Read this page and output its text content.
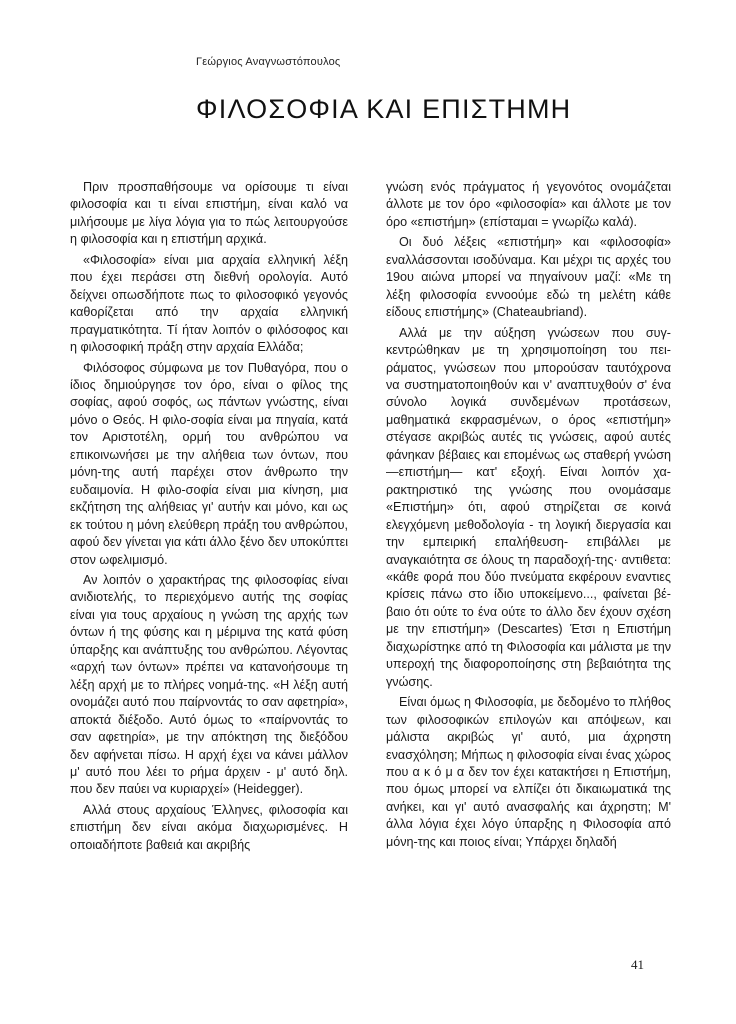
Γεώργιος Αναγνωστόπουλος
ΦΙΛΟΣΟΦΙΑ ΚΑΙ ΕΠΙΣΤΗΜΗ

Πριν προσπαθήσουμε να ορίσουμε τι είναι φιλοσοφία και τι είναι επιστήμη, είναι καλό να μιλήσουμε με λίγα λόγια για το πώς λειτουργούσε η φιλοσοφία και η επιστήμη αρχικά.

«Φιλοσοφία» είναι μια αρχαία ελληνική λέξη που έχει περάσει στη διεθνή ορολογία. Αυτό δείχνει οπωσδήποτε πως το φιλοσοφικό γεγονός καθορίζεται από την αρχαία ελληνική πραγματικότητα. Τί ήταν λοιπόν ο φιλόσοφος και η φιλοσοφική πράξη στην αρχαία Ελλάδα;

Φιλόσοφος σύμφωνα με τον Πυθαγόρα, που ο ίδιος δημιούργησε τον όρο, είναι ο φίλος της σοφίας, αφού σοφός, ως πάντων γνώστης, είναι μόνο ο Θεός. Η φιλο-σοφία είναι μα πηγαία, κατά τον Αριστοτέλη, ορμή του ανθρώπου να επικοινωνήσει με την αλήθεια των όντων, που μόνη-της αυτή παρέχει στον άνθρωπο την ευδαιμονία. Η φιλο-σοφία είναι μια κίνηση, μια εκζήτηση της αλήθειας γι' αυτήν και μόνο, και ως εκ τούτου η μόνη ελεύθερη πράξη του ανθρώπου, αφού δεν γίνεται για κάτι άλλο ξένο δεν υποκύπτει στον ωφελιμισμό.

Αν λοιπόν ο χαρακτήρας της φιλοσοφίας είναι ανιδιοτελής, το περιεχόμενο αυτής της σοφίας είναι για τους αρχαίους η γνώση της αρχής των όντων ή της φύσης και η μέριμνα της κατά φύση ύπαρξης και ανάπτυξης του ανθρώπου. Λέγοντας «αρχή των όντων» πρέπει να κατανοήσουμε τη λέξη αρχή με το πλήρες νοημά-της. «Η λέξη αυτή ονομάζει αυτό που παίρνοντάς το σαν αφετηρία», αποκτά διέξοδο. Αυτό όμως το «παίρνοντάς το σαν αφετηρία», με την απόκτηση της διεξόδου δεν αφήνεται πίσω. Η αρχή έχει να κάνει μάλλον μ' αυτό που λέει το ρήμα άρχειν - μ' αυτό δηλ. που δεν παύει να κυριαρχεί» (Heidegger).

Αλλά στους αρχαίους Έλληνες, φιλοσοφία και επιστήμη δεν είναι ακόμα διαχωρισμένες. Η οποιαδήποτε βαθειά και ακριβής

γνώση ενός πράγματος ή γεγονότος ονομάζεται άλλοτε με τον όρο «φιλοσοφία» και άλλοτε με τον όρο «επιστήμη» (επίσταμαι = γνωρίζω καλά).

Οι δυό λέξεις «επιστήμη» και «φιλοσοφία» εναλλάσσονται ισοδύναμα. Και μέχρι τις αρχές του 19ου αιώνα μπορεί να πηγαίνουν μαζί: «Με τη λέξη φιλοσοφία εννοούμε εδώ τη μελέτη κάθε είδους επιστήμης» (Chateaubriand).

Αλλά με την αύξηση γνώσεων που συγκεντρώθηκαν με τη χρησιμοποίηση του πειράματος, γνώσεων που μπορούσαν ταυτόχρονα να συστηματοποιηθούν και ν' αναπτυχθούν σ' ένα σύνολο λογικά συνδεμένων προτάσεων, μαθηματικά εκφρασμένων, ο όρος «επιστήμη» στέγασε ακριβώς αυτές τις γνώσεις, αφού αυτές φάνηκαν βέβαιες και επομένως ως σταθερή γνώση —επιστήμη— κατ' εξοχή. Είναι λοιπόν χαρακτηριστικό της γνώσης που ονομάσαμε «Επιστήμη» ότι, αφού στηρίζεται σε κοινά ελεγχόμενη μεθοδολογία - τη λογική διεργασία και την εμπειρική επαλήθευση- επιβάλλει με αναγκαιότητα σε όλους τη παραδοχή-της· αντιθετα: «κάθε φορά που δύο πνεύματα εκφέρουν εναντιες κρίσεις πάνω στο ίδιο υποκείμενο..., φαίνεται βέβαιο ότι ούτε το ένα ούτε το άλλο δεν έχουν σχέση με την επιστήμη» (Descartes) Έτσι η Επιστήμη διαχωρίστηκε από τη Φιλοσοφία και μάλιστα με την υπεροχή της διαφοροποίησης στη βεβαιότητα της γνώσης.

Είναι όμως η Φιλοσοφία, με δεδομένο το πλήθος των φιλοσοφικών επιλογών και απόψεων, και μάλιστα ακριβώς γι' αυτό, μια άχρηστη ενασχόληση; Μήπως η φιλοσοφία είναι ένας χώρος που α κ ό μ α δεν τον έχει κατακτήσει η Επιστήμη, που όμως μπορεί να ελπίζει ότι δικαιωματικά της ανήκει, και γι' αυτό ανασφαλής και άχρηστη; Μ' άλλα λόγια έχει λόγο ύπαρξης η Φιλοσοφία από μόνη-της και ποιος είναι; Υπάρχει δηλαδή

41
